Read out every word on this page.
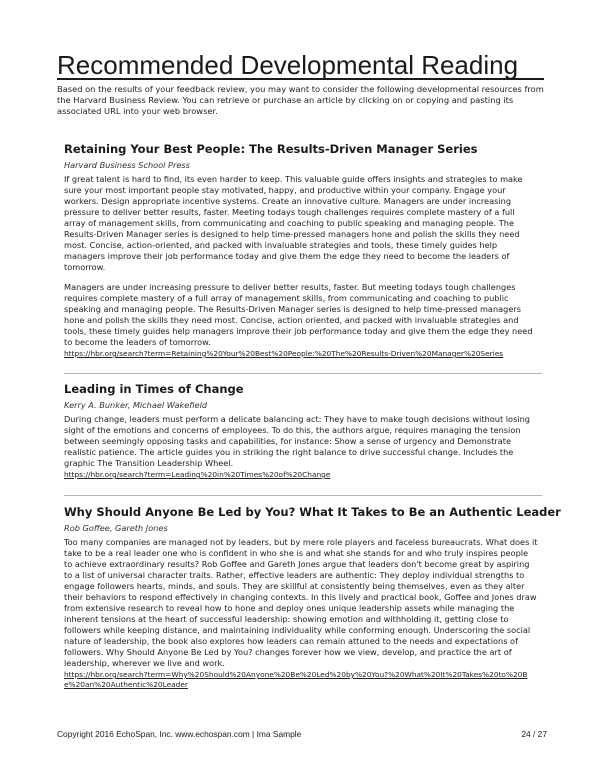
Recommended Developmental Reading
Based on the results of your feedback review, you may want to consider the following developmental resources from the Harvard Business Review. You can retrieve or purchase an article by clicking on or copying and pasting its associated URL into your web browser.
Retaining Your Best People: The Results-Driven Manager Series
Harvard Business School Press

If great talent is hard to find, its even harder to keep. This valuable guide offers insights and strategies to make sure your most important people stay motivated, happy, and productive within your company. Engage your workers. Design appropriate incentive systems. Create an innovative culture. Managers are under increasing pressure to deliver better results, faster. Meeting todays tough challenges requires complete mastery of a full array of management skills, from communicating and coaching to public speaking and managing people. The Results-Driven Manager series is designed to help time-pressed managers hone and polish the skills they need most. Concise, action-oriented, and packed with invaluable strategies and tools, these timely guides help managers improve their job performance today and give them the edge they need to become the leaders of tomorrow.

Managers are under increasing pressure to deliver better results, faster. But meeting todays tough challenges requires complete mastery of a full array of management skills, from communicating and coaching to public speaking and managing people. The Results-Driven Manager series is designed to help time-pressed managers hone and polish the skills they need most. Concise, action oriented, and packed with invaluable strategies and tools, these timely guides help managers improve their job performance today and give them the edge they need to become the leaders of tomorrow.

https://hbr.org/search?term=Retaining%20Your%20Best%20People:%20The%20Results-Driven%20Manager%20Series
Leading in Times of Change
Kerry A. Bunker, Michael Wakefield

During change, leaders must perform a delicate balancing act: They have to make tough decisions without losing sight of the emotions and concerns of employees. To do this, the authors argue, requires managing the tension between seemingly opposing tasks and capabilities, for instance: Show a sense of urgency and Demonstrate realistic patience. The article guides you in striking the right balance to drive successful change. Includes the graphic The Transition Leadership Wheel.

https://hbr.org/search?term=Leading%20in%20Times%20of%20Change
Why Should Anyone Be Led by You? What It Takes to Be an Authentic Leader
Rob Goffee, Gareth Jones

Too many companies are managed not by leaders, but by mere role players and faceless bureaucrats. What does it take to be a real leader one who is confident in who she is and what she stands for and who truly inspires people to achieve extraordinary results? Rob Goffee and Gareth Jones argue that leaders don't become great by aspiring to a list of universal character traits. Rather, effective leaders are authentic: They deploy individual strengths to engage followers hearts, minds, and souls. They are skillful at consistently being themselves, even as they alter their behaviors to respond effectively in changing contexts. In this lively and practical book, Goffee and Jones draw from extensive research to reveal how to hone and deploy ones unique leadership assets while managing the inherent tensions at the heart of successful leadership: showing emotion and withholding it, getting close to followers while keeping distance, and maintaining individuality while conforming enough. Underscoring the social nature of leadership, the book also explores how leaders can remain attuned to the needs and expectations of followers. Why Should Anyone Be Led by You? changes forever how we view, develop, and practice the art of leadership, wherever we live and work.

https://hbr.org/search?term=Why%20Should%20Anyone%20Be%20Led%20by%20You?%20What%20It%20Takes%20to%20Be%20an%20Authentic%20Leader
Copyright 2016 EchoSpan, Inc. www.echospan.com | Ima Sample	24 / 27
